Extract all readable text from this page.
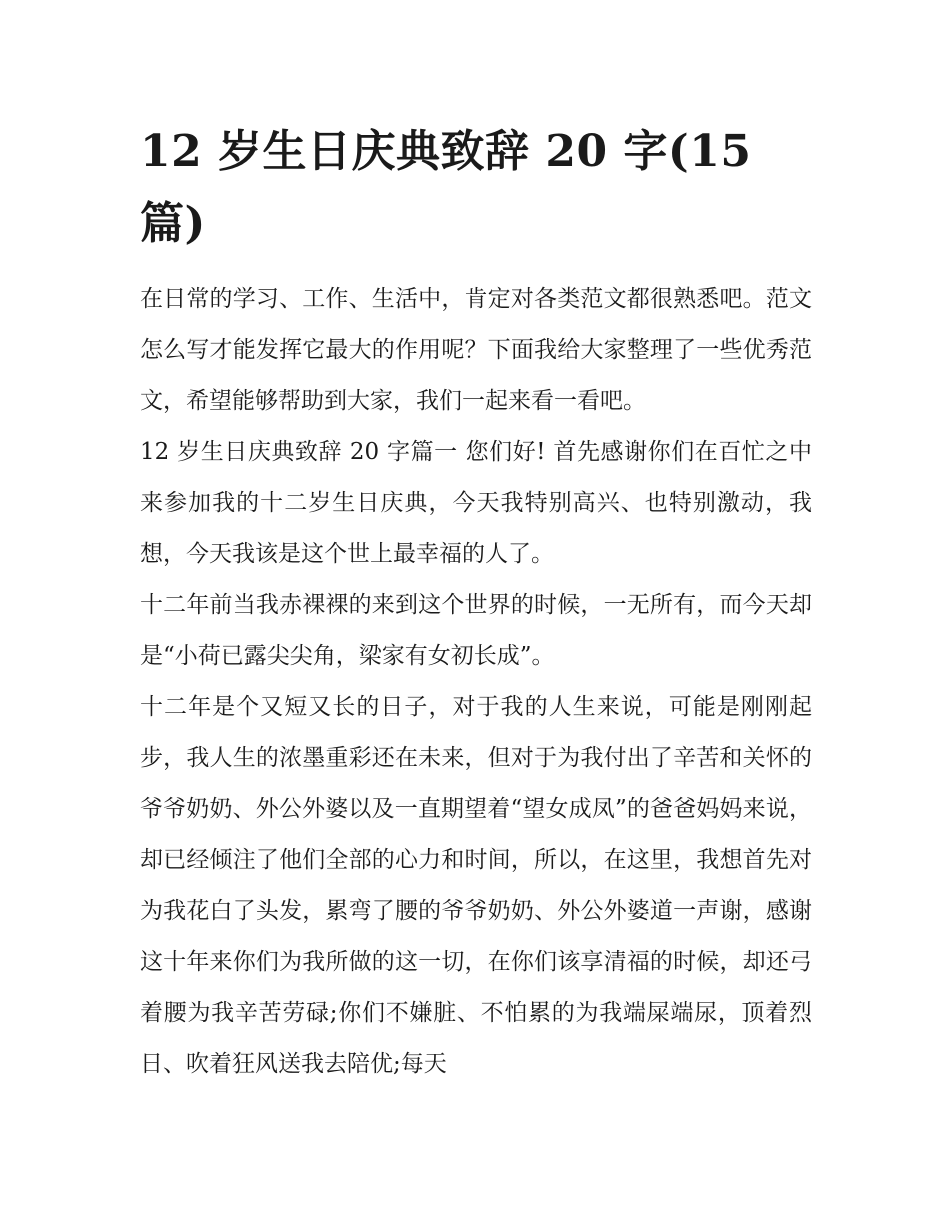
12 岁生日庆典致辞 20 字(15 篇)

在日常的学习、工作、生活中，肯定对各类范文都很熟悉吧。范文怎么写才能发挥它最大的作用呢？下面我给大家整理了一些优秀范文，希望能够帮助到大家，我们一起来看一看吧。

12 岁生日庆典致辞 20 字篇一 您们好! 首先感谢你们在百忙之中来参加我的十二岁生日庆典，今天我特别高兴、也特别激动，我想，今天我该是这个世上最幸福的人了。

十二年前当我赤裸裸的来到这个世界的时候，一无所有，而今天却是“小荷已露尖尖角，梁家有女初长成”。

十二年是个又短又长的日子，对于我的人生来说，可能是刚刚起步，我人生的浓墨重彩还在未来，但对于为我付出了辛苦和关怀的爷爷奶奶、外公外婆以及一直期望着“望女成凤”的爸爸妈妈来说，却已经倾注了他们全部的心力和时间，所以，在这里，我想首先对为我花白了头发，累弯了腰的爷爷奶奶、外公外婆道一声谢，感谢这十年来你们为我所做的这一切，在你们该享清福的时候，却还弓着腰为我辛苦劳碌;你们不嫌脏、不怕累的为我端屎端尿，顶着烈日、吹着狂风送我去陪优;每天
